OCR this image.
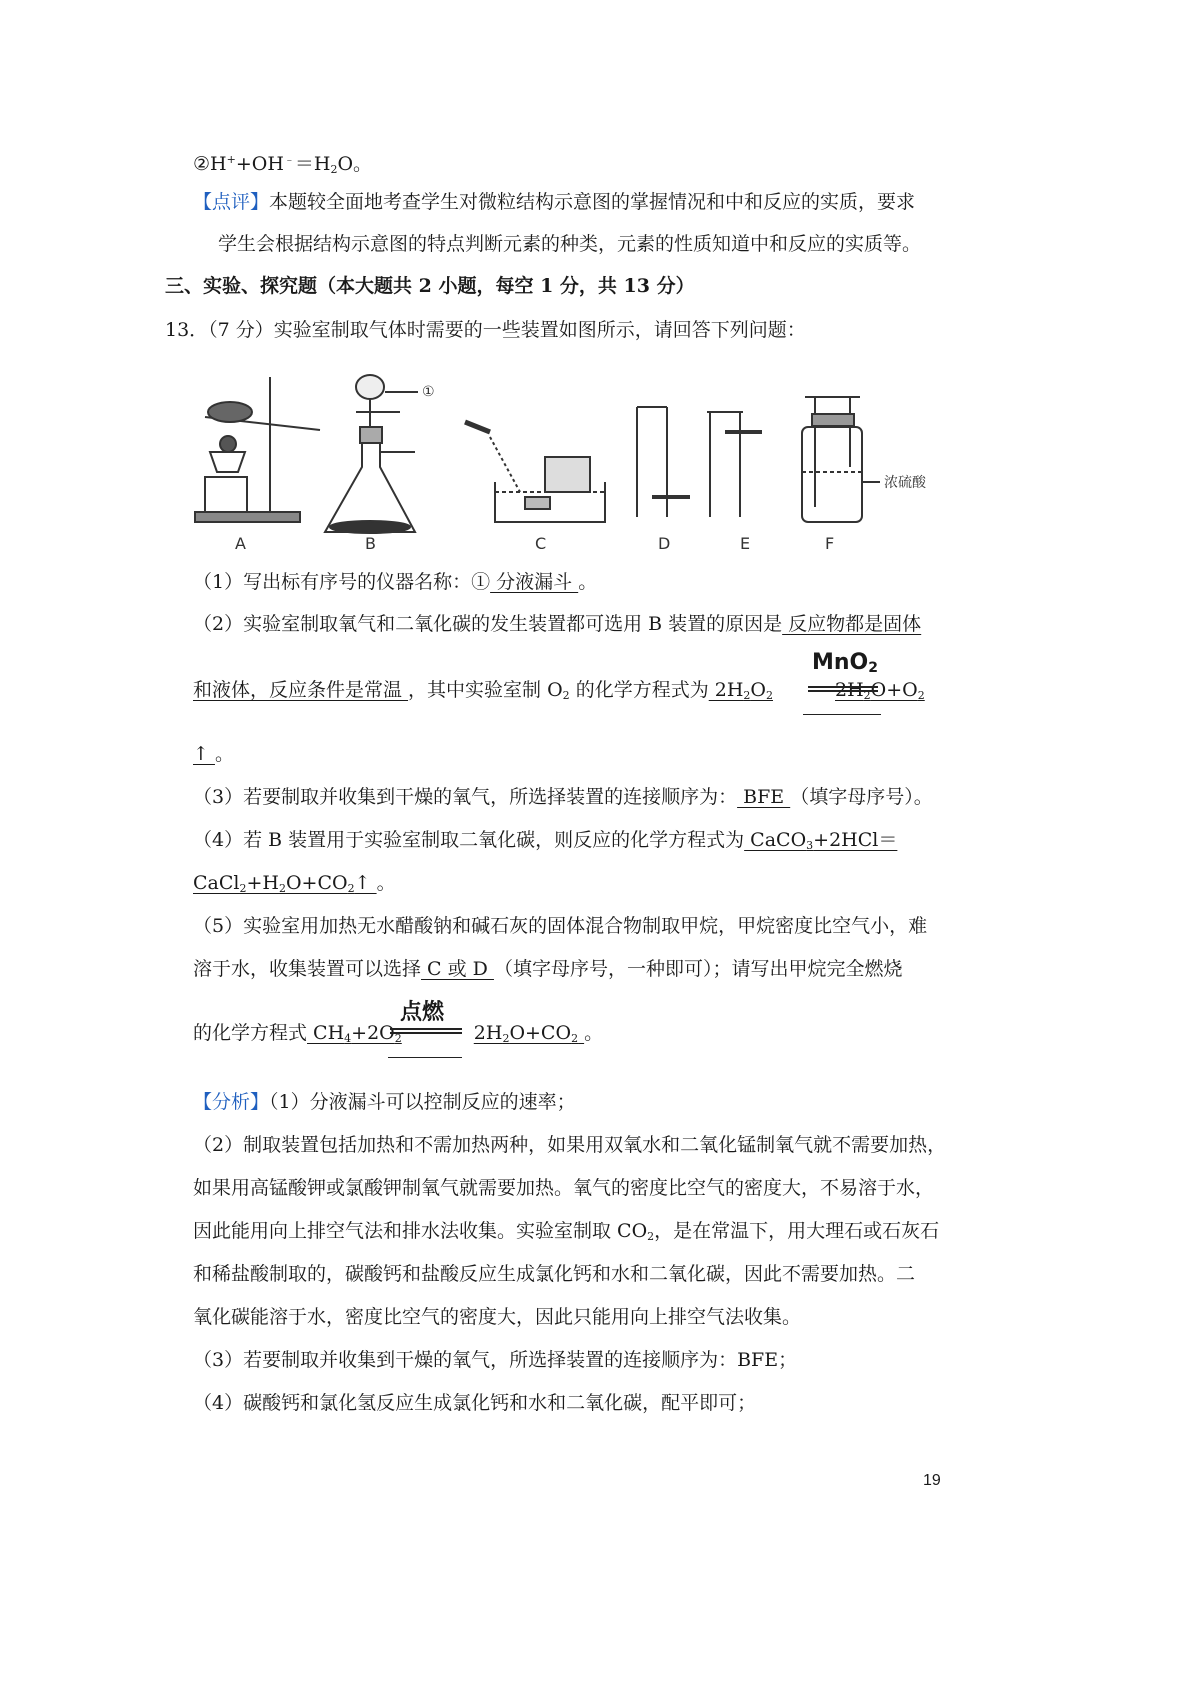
$②H^++OH^﹣=H_2O$。
【点评】本题较全面地考查学生对微粒结构示意图的掌握情况和中和反应的实质，要求
学生会根据结构示意图的特点判断元素的种类，元素的性质知道中和反应的实质等。
三、实验、探究题（本大题共 2 小题，每空 1 分，共 13 分）
13．（7 分）实验室制取气体时需要的一些装置如图所示，请回答下列问题：
浓硫酸
①
A	B	C	D	E	F
（1）写出标有序号的仪器名称：① 分液漏斗 。
（2）实验室制取氧气和二氧化碳的发生装置都可选用 B 装置的原因是 反应物都是固体
和液体，反应条件是常温 ，其中实验室制 $O_2$ 的化学方程式为 $2H_2O_2$	$2H_2O+O_2$
MnO$_2$
↑ 。
（3）若要制取并收集到干燥的氧气，所选择装置的连接顺序为： BFE （填字母序号）。
（4）若 B 装置用于实验室制取二氧化碳，则反应的化学方程式为 CaCO$_3$+2HCl＝
$CaCl_2+H_2O+CO_2↑$ 。
（5）实验室用加热无水醋酸钠和碱石灰的固体混合物制取甲烷，甲烷密度比空气小，难
溶于水，收集装置可以选择 C 或 D （填字母序号，一种即可）；请写出甲烷完全燃烧
的化学方程式 $CH_4+2O_2$	$2H_2O+CO_2$ 。
点燃
【分析】（1）分液漏斗可以控制反应的速率；
（2）制取装置包括加热和不需加热两种，如果用双氧水和二氧化锰制氧气就不需要加热，
如果用高锰酸钾或氯酸钾制氧气就需要加热。氧气的密度比空气的密度大，不易溶于水，
因此能用向上排空气法和排水法收集。实验室制取 $CO_2$，是在常温下，用大理石或石灰石
和稀盐酸制取的，碳酸钙和盐酸反应生成氯化钙和水和二氧化碳，因此不需要加热。二
氧化碳能溶于水，密度比空气的密度大，因此只能用向上排空气法收集。
（3）若要制取并收集到干燥的氧气，所选择装置的连接顺序为：BFE；
（4）碳酸钙和氯化氢反应生成氯化钙和水和二氧化碳，配平即可；
19
